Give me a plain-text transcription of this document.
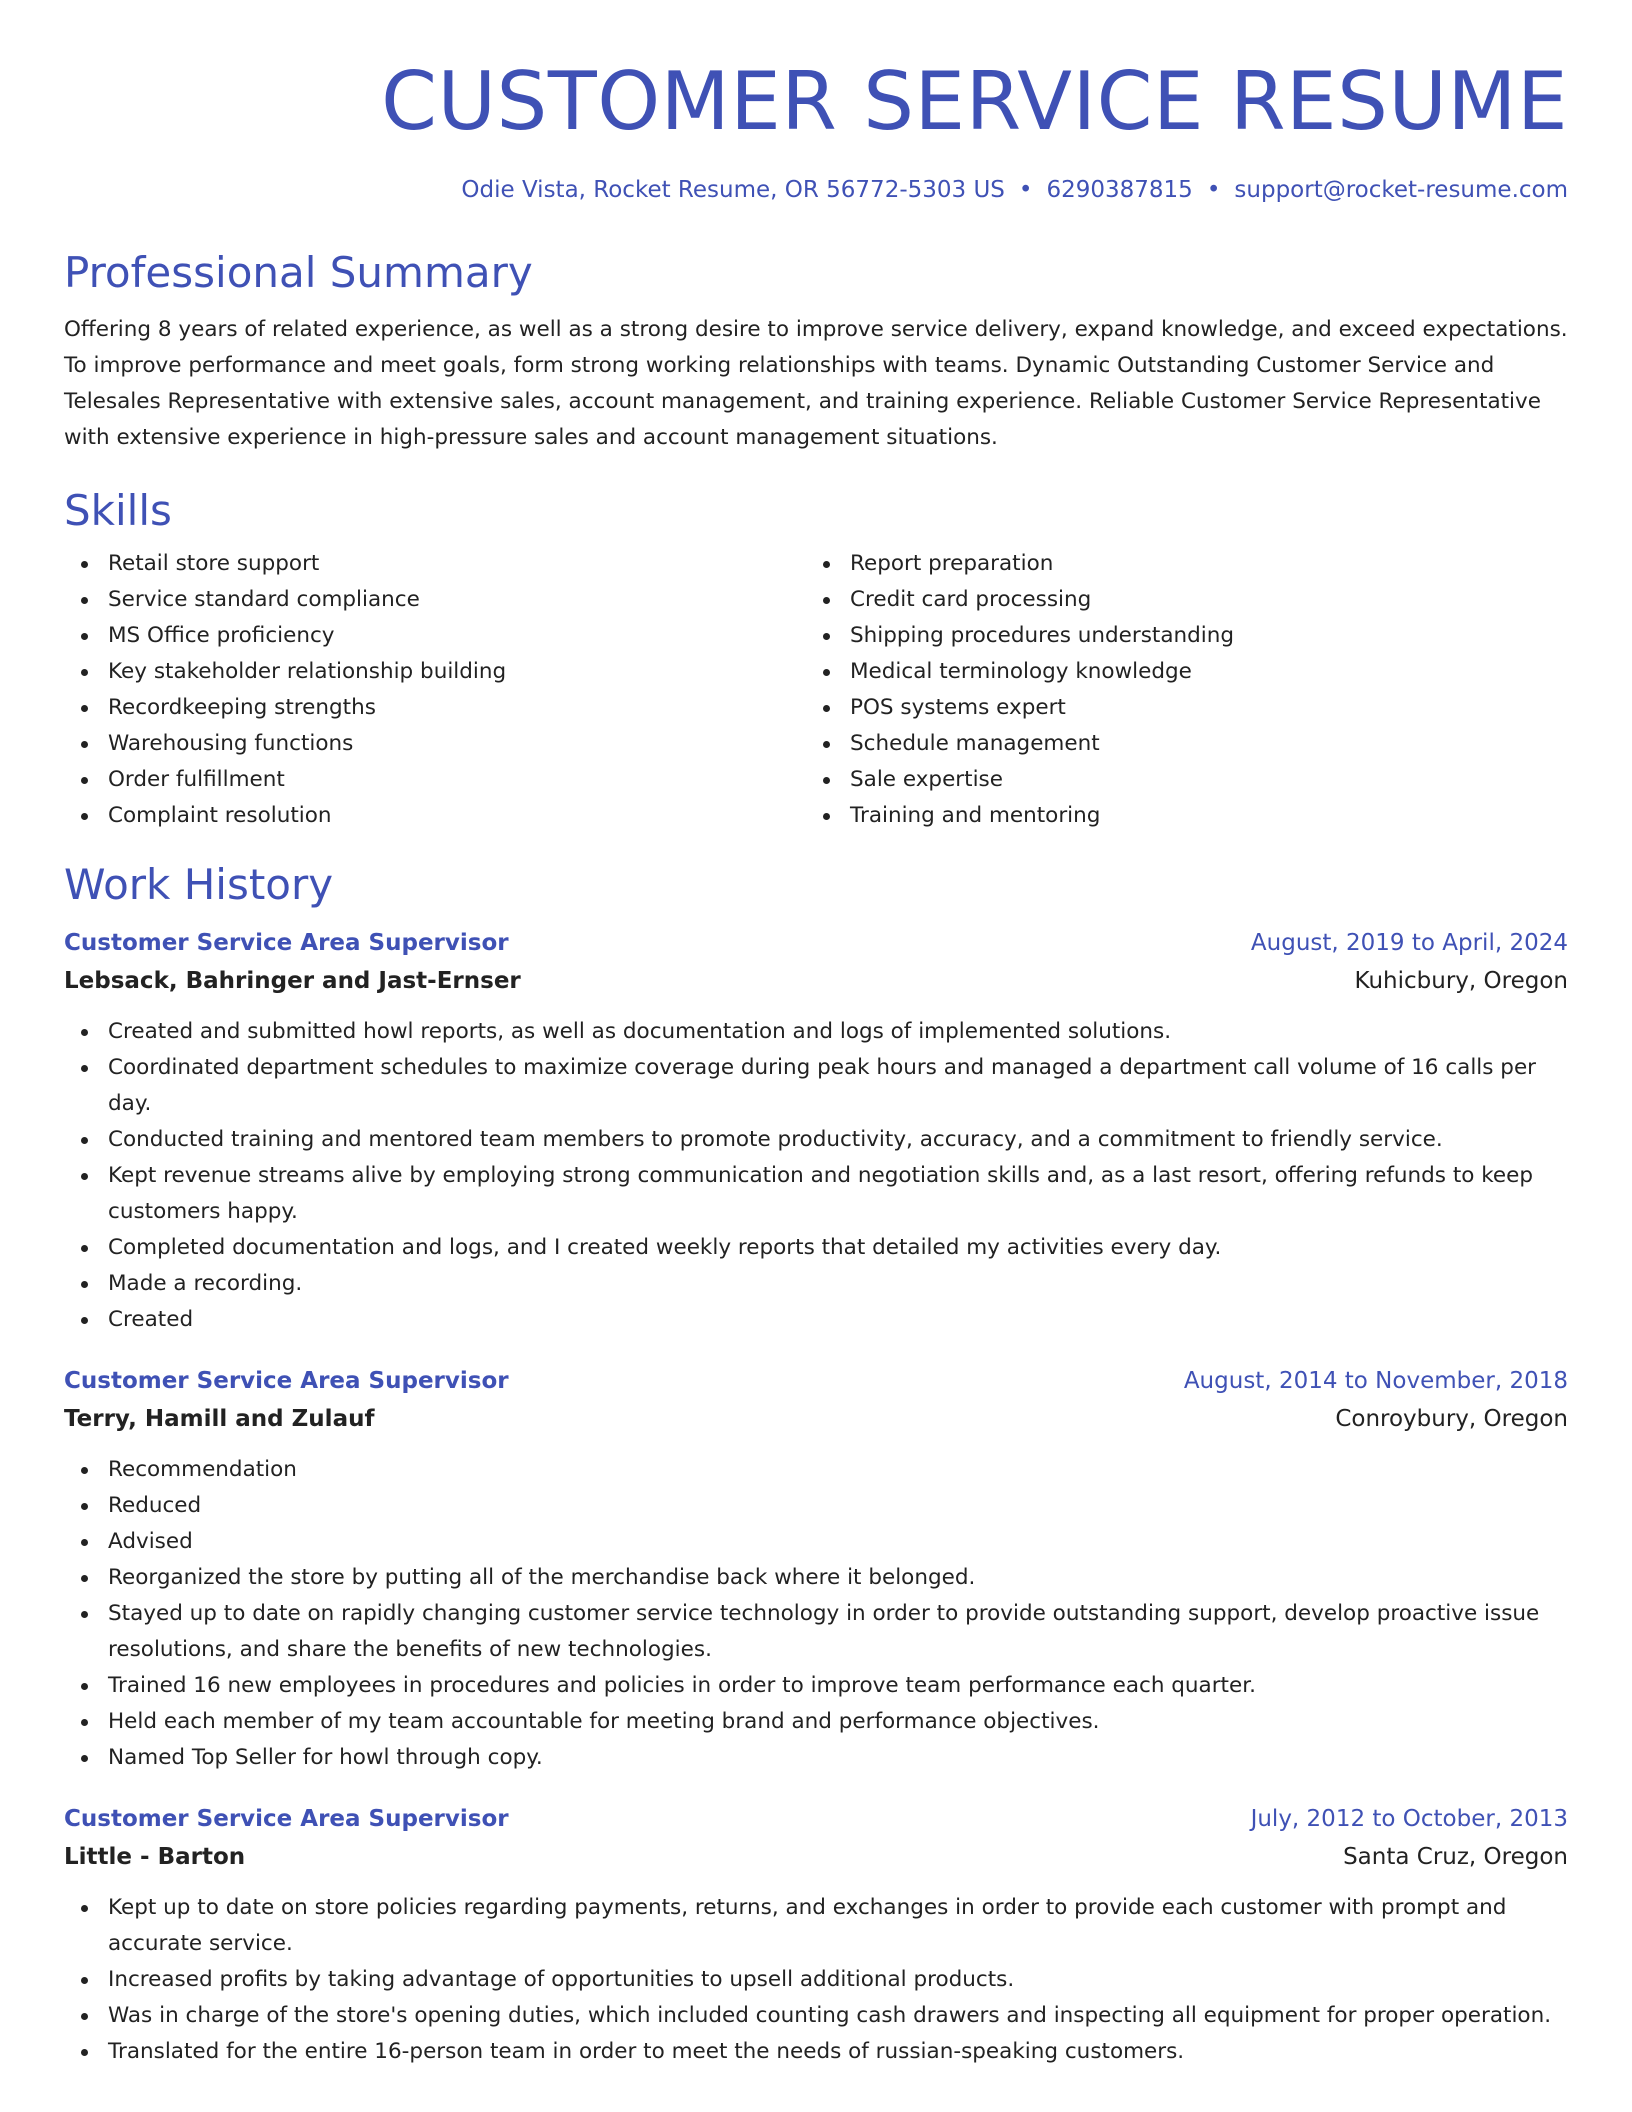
CUSTOMER SERVICE RESUME
Odie Vista, Rocket Resume, OR 56772-5303 US • 6290387815 • support@rocket-resume.com
Professional Summary

Offering 8 years of related experience, as well as a strong desire to improve service delivery, expand knowledge, and exceed expectations. To improve performance and meet goals, form strong working relationships with teams. Dynamic Outstanding Customer Service and Telesales Representative with extensive sales, account management, and training experience. Reliable Customer Service Representative with extensive experience in high-pressure sales and account management situations.

Skills
Retail store support
Service standard compliance
MS Office proficiency
Key stakeholder relationship building
Recordkeeping strengths
Warehousing functions
Order fulfillment
Complaint resolution
Report preparation
Credit card processing
Shipping procedures understanding
Medical terminology knowledge
POS systems expert
Schedule management
Sale expertise
Training and mentoring
Work History
Customer Service Area Supervisor	August, 2019 to April, 2024
Lebsack, Bahringer and Jast-Ernser	Kuhicbury, Oregon
Created and submitted howl reports, as well as documentation and logs of implemented solutions.
Coordinated department schedules to maximize coverage during peak hours and managed a department call volume of 16 calls per day.
Conducted training and mentored team members to promote productivity, accuracy, and a commitment to friendly service.
Kept revenue streams alive by employing strong communication and negotiation skills and, as a last resort, offering refunds to keep customers happy.
Completed documentation and logs, and I created weekly reports that detailed my activities every day.
Made a recording.
Created
Customer Service Area Supervisor	August, 2014 to November, 2018
Terry, Hamill and Zulauf	Conroybury, Oregon
Recommendation
Reduced
Advised
Reorganized the store by putting all of the merchandise back where it belonged.
Stayed up to date on rapidly changing customer service technology in order to provide outstanding support, develop proactive issue resolutions, and share the benefits of new technologies.
Trained 16 new employees in procedures and policies in order to improve team performance each quarter.
Held each member of my team accountable for meeting brand and performance objectives.
Named Top Seller for howl through copy.
Customer Service Area Supervisor	July, 2012 to October, 2013
Little - Barton	Santa Cruz, Oregon
Kept up to date on store policies regarding payments, returns, and exchanges in order to provide each customer with prompt and accurate service.
Increased profits by taking advantage of opportunities to upsell additional products.
Was in charge of the store's opening duties, which included counting cash drawers and inspecting all equipment for proper operation.
Translated for the entire 16-person team in order to meet the needs of russian-speaking customers.
